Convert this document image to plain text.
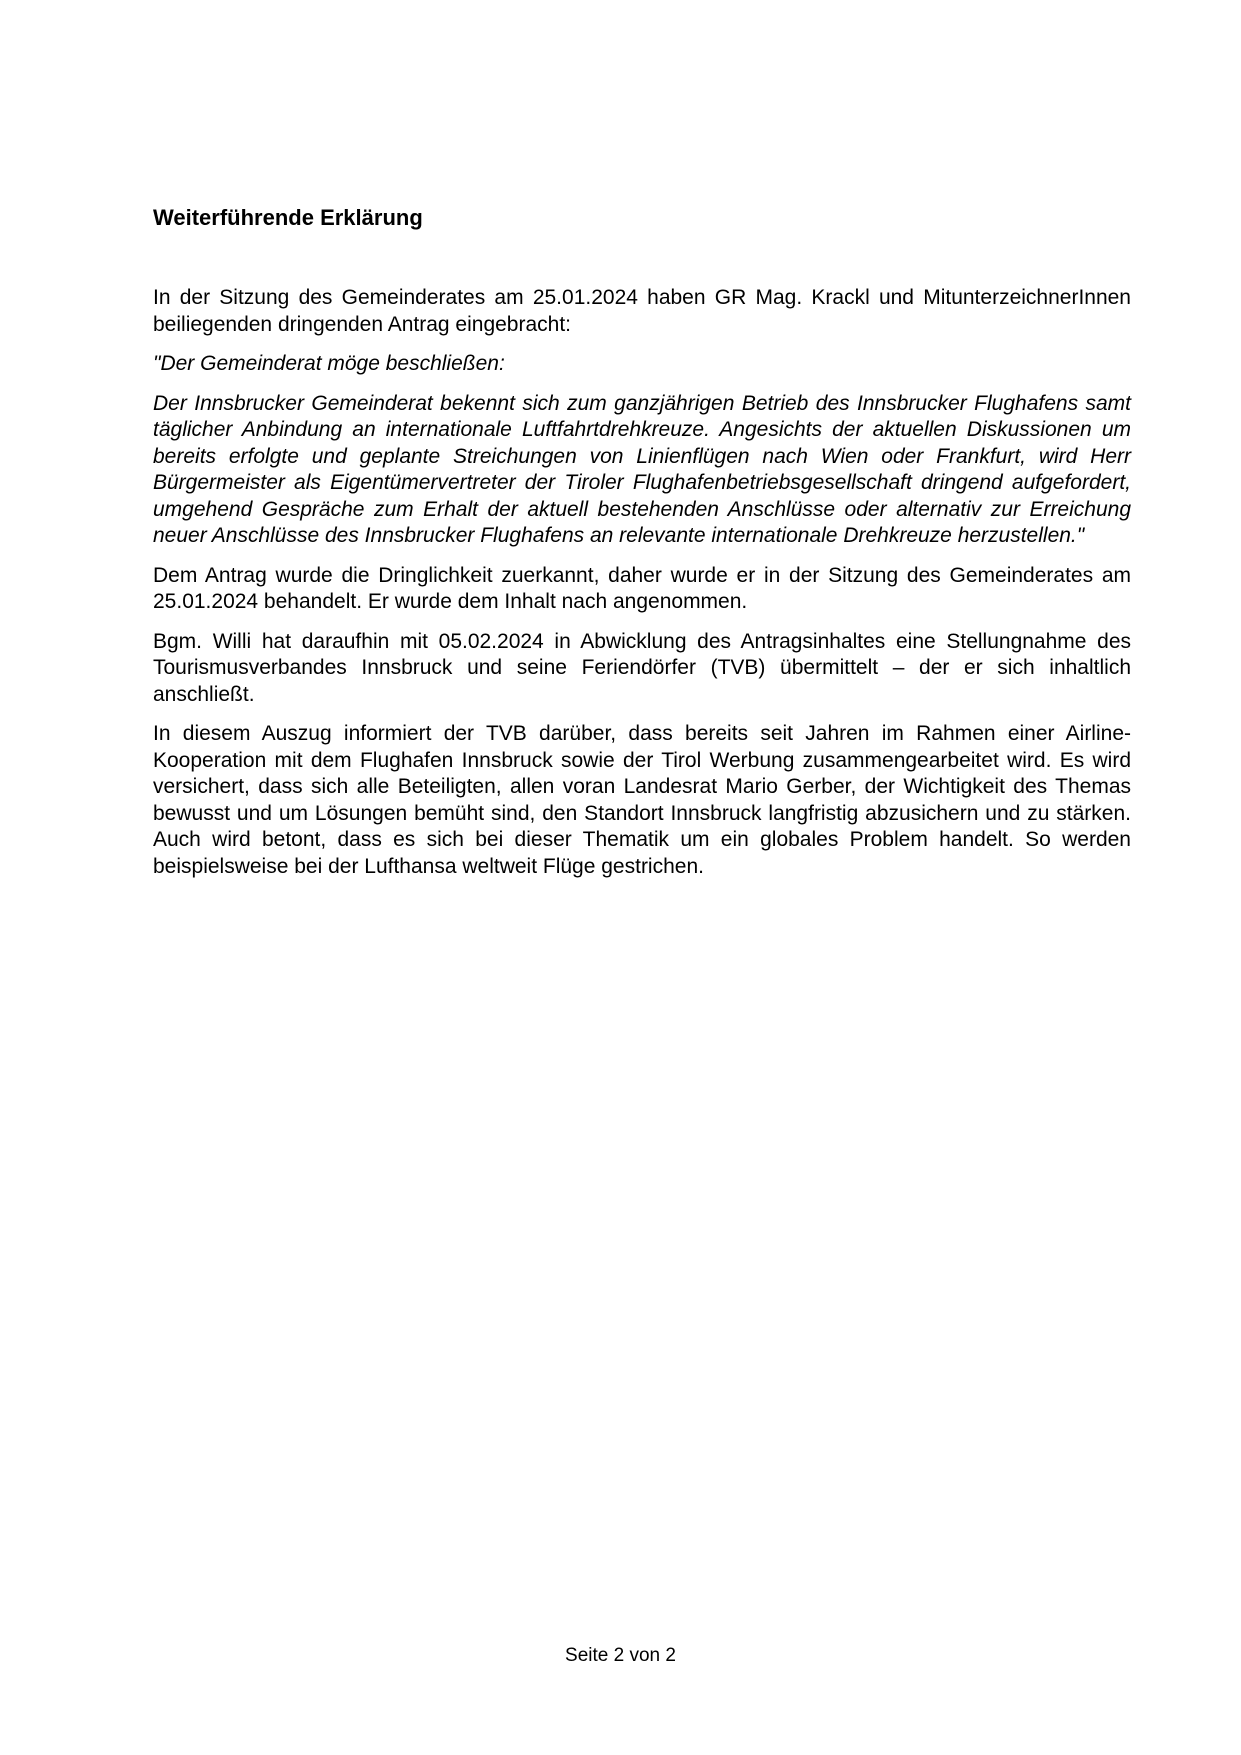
Weiterführende Erklärung

In der Sitzung des Gemeinderates am 25.01.2024 haben GR Mag. Krackl und MitunterzeichnerInnen beiliegenden dringenden Antrag eingebracht:

"Der Gemeinderat möge beschließen:

Der Innsbrucker Gemeinderat bekennt sich zum ganzjährigen Betrieb des Innsbrucker Flughafens samt täglicher Anbindung an internationale Luftfahrtdrehkreuze. Angesichts der aktuellen Diskussionen um bereits erfolgte und geplante Streichungen von Linienflügen nach Wien oder Frankfurt, wird Herr Bürgermeister als Eigentümervertreter der Tiroler Flughafenbetriebsgesellschaft dringend aufgefordert, umgehend Gespräche zum Erhalt der aktuell bestehenden Anschlüsse oder alternativ zur Erreichung neuer Anschlüsse des Innsbrucker Flughafens an relevante internationale Drehkreuze herzustellen."

Dem Antrag wurde die Dringlichkeit zuerkannt, daher wurde er in der Sitzung des Gemeinderates am 25.01.2024 behandelt. Er wurde dem Inhalt nach angenommen.

Bgm. Willi hat daraufhin mit 05.02.2024 in Abwicklung des Antragsinhaltes eine Stellungnahme des Tourismusverbandes Innsbruck und seine Feriendörfer (TVB) übermittelt – der er sich inhaltlich anschließt.

In diesem Auszug informiert der TVB darüber, dass bereits seit Jahren im Rahmen einer Airline-Kooperation mit dem Flughafen Innsbruck sowie der Tirol Werbung zusammengearbeitet wird. Es wird versichert, dass sich alle Beteiligten, allen voran Landesrat Mario Gerber, der Wichtigkeit des Themas bewusst und um Lösungen bemüht sind, den Standort Innsbruck langfristig abzusichern und zu stärken. Auch wird betont, dass es sich bei dieser Thematik um ein globales Problem handelt. So werden beispielsweise bei der Lufthansa weltweit Flüge gestrichen.

Seite 2 von 2
